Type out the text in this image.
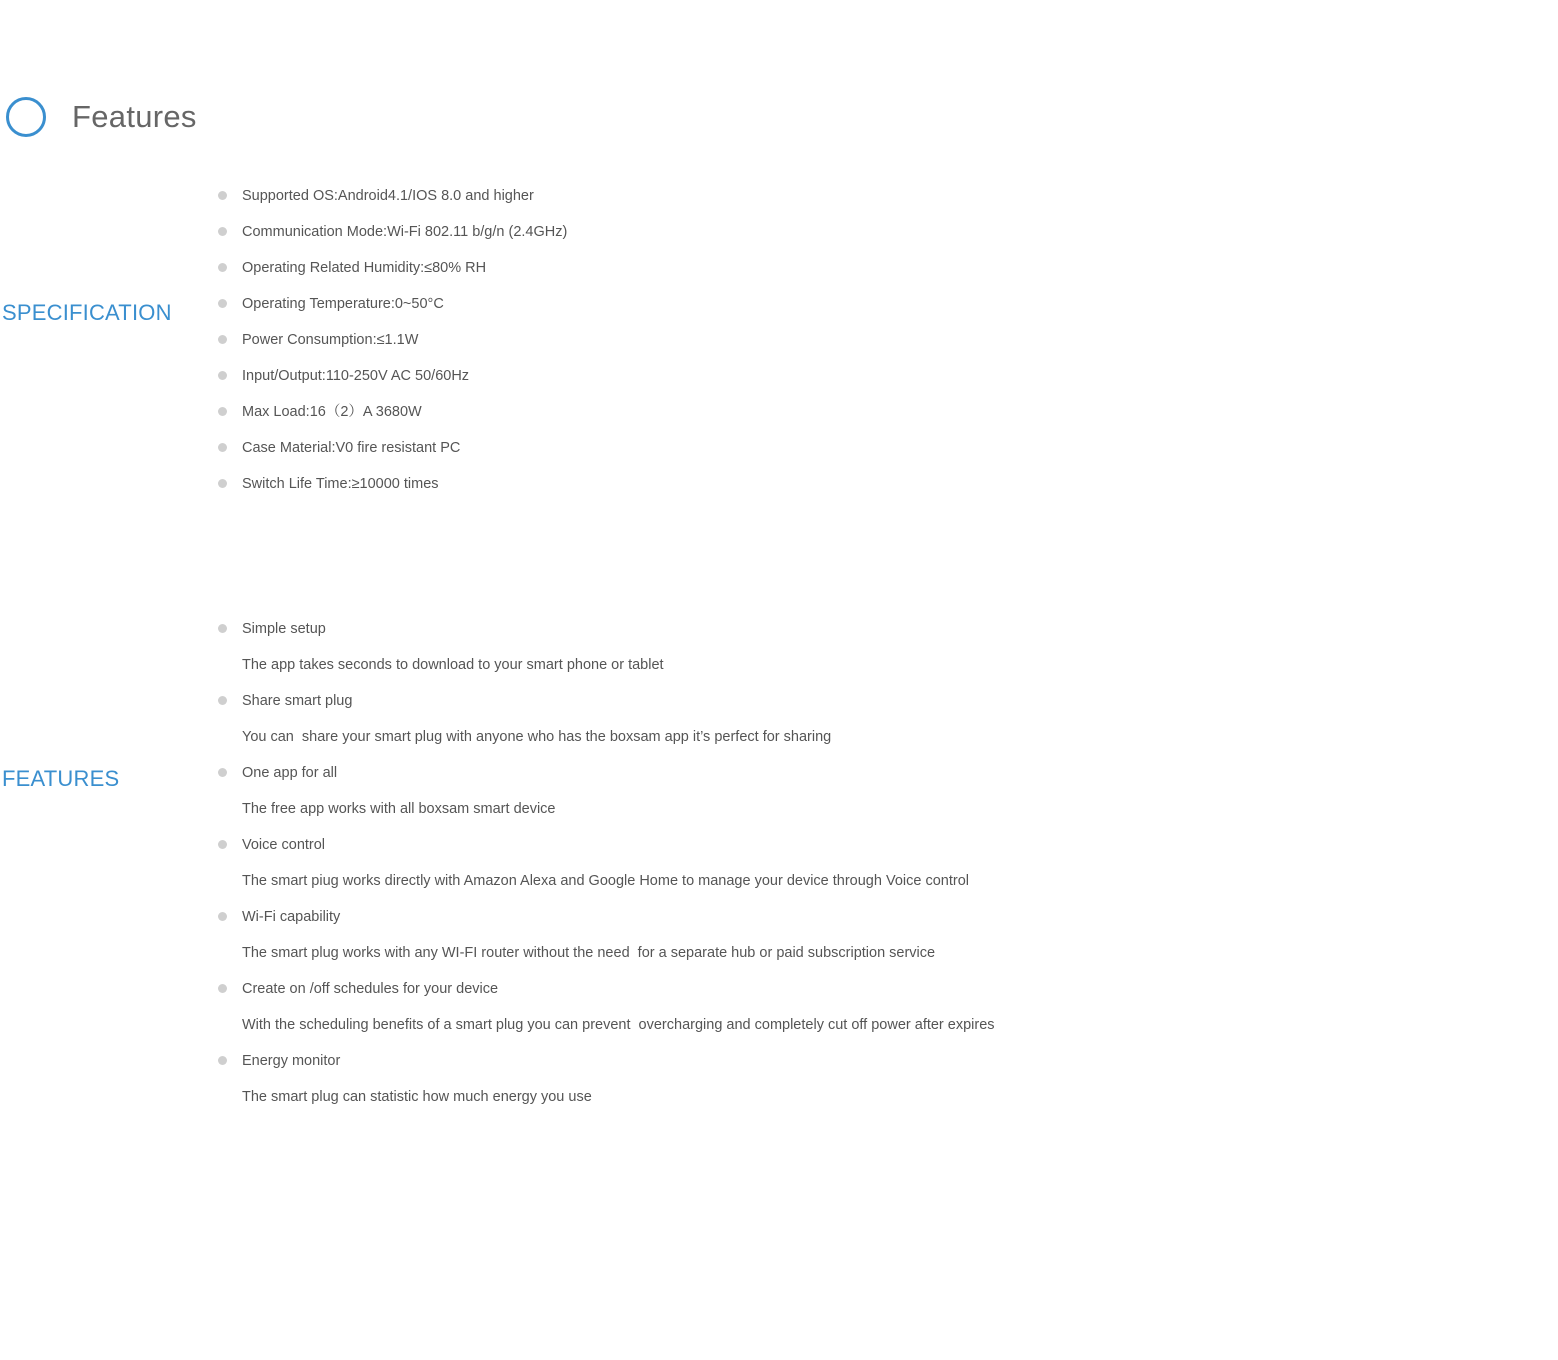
Features
SPECIFICATION
Supported OS:Android4.1/IOS 8.0 and higher
Communication Mode:Wi-Fi 802.11 b/g/n (2.4GHz)
Operating Related Humidity:≤80% RH
Operating Temperature:0~50°C
Power Consumption:≤1.1W
Input/Output:110-250V AC 50/60Hz
Max Load:16（2）A 3680W
Case Material:V0 fire resistant PC
Switch Life Time:≥10000 times
FEATURES
Simple setup
The app takes seconds to download to your smart phone or tablet
Share smart plug
You can  share your smart plug with anyone who has the boxsam app it’s perfect for sharing
One app for all
The free app works with all boxsam smart device
Voice control
The smart piug works directly with Amazon Alexa and Google Home to manage your device through Voice control
Wi-Fi capability
The smart plug works with any WI-FI router without the need  for a separate hub or paid subscription service
Create on /off schedules for your device
With the scheduling benefits of a smart plug you can prevent  overcharging and completely cut off power after expires
Energy monitor
The smart plug can statistic how much energy you use
